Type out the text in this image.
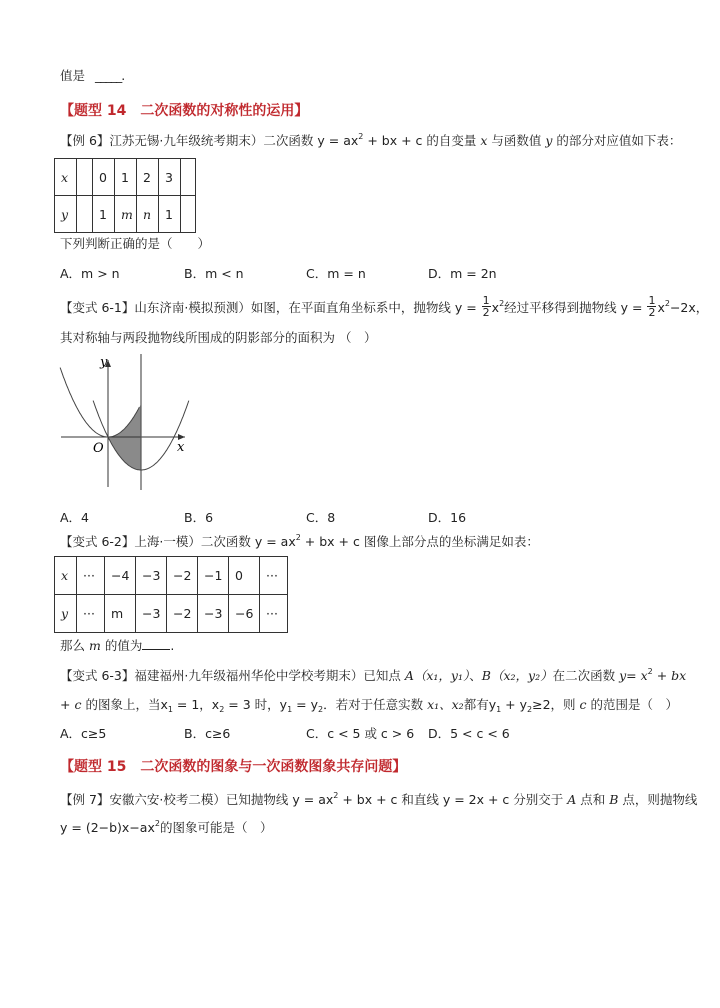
值是 _____.
【题型 14　二次函数的对称性的运用】
【例 6】江苏无锡·九年级统考期末）二次函数 $y = ax^2$ + bx + c 的自变量 x 与函数值 y 的部分对应值如下表：
x		0	1	2	3	
y		1	m	n	1	
下列判断正确的是（　　）
A．m > n	B．m < n	C．m = n	D．m = 2n
【变式 6-1】山东济南·模拟预测）如图，在平面直角坐标系中，抛物线 $y = \frac{1}{2} x^2$经过平移得到抛物线 $y = \frac{1}{2} x^2-2x$，
其对称轴与两段抛物线所围成的阴影部分的面积为 （　）
y
x
O
A．4	B．6	C．8	D．16
【变式 6-2】上海·一模）二次函数 $y = ax^2$ + bx + c 图像上部分点的坐标满足如表：
x	···	−4	−3	−2	−1	0	···
y	···	m	−3	−2	−3	−6	···
那么 m 的值为 .
【变式 6-3】福建福州·九年级福州华伦中学校考期末）已知点 A（x₁，y₁）、B（x₂，y₂）在二次函数 $y= x^2$ + bx
+ c 的图象上，当$x_1 = 1$，$x_2 = 3$ 时，$y_1 = y_2$．若对于任意实数 x₁、x₂都有$y_1 + y_2\ge 2$，则 c 的范围是（　）
A．c≥5	B．c≥6	C．c < 5 或 c > 6 D．5 < c < 6
【题型 15　二次函数的图象与一次函数图象共存问题】
【例 7】安徽六安·校考二模）已知抛物线 $y = ax^2$ + bx + c 和直线 y = 2x + c 分别交于 A 点和 B 点，则抛物线
$y = (2-b)x-ax^2$的图象可能是（　）
